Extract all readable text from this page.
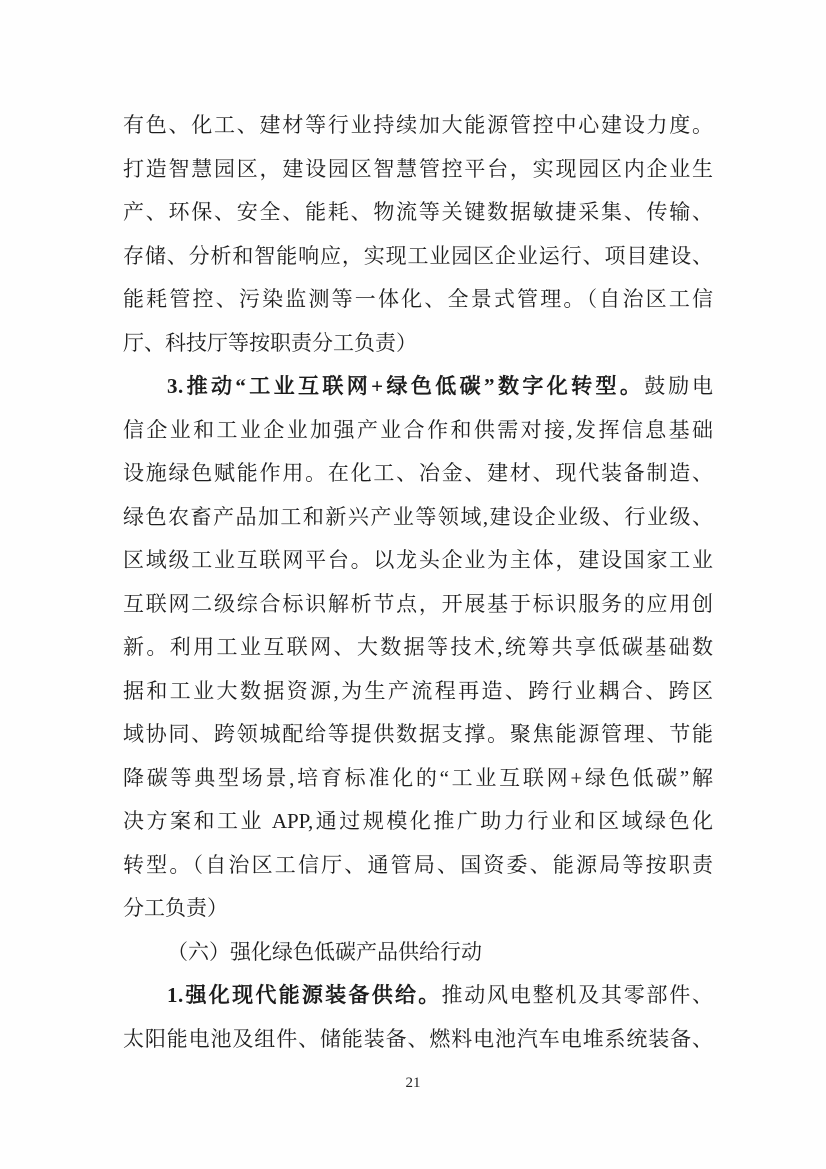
有色、化工、建材等行业持续加大能源管控中心建设力度。
打造智慧园区，建设园区智慧管控平台，实现园区内企业生
产、环保、安全、能耗、物流等关键数据敏捷采集、传输、
存储、分析和智能响应，实现工业园区企业运行、项目建设、
能耗管控、污染监测等一体化、全景式管理。（自治区工信
厅、科技厅等按职责分工负责）
3.推动“工业互联网+绿色低碳”数字化转型。鼓励电
信企业和工业企业加强产业合作和供需对接,发挥信息基础
设施绿色赋能作用。在化工、冶金、建材、现代装备制造、
绿色农畜产品加工和新兴产业等领域,建设企业级、行业级、
区域级工业互联网平台。以龙头企业为主体，建设国家工业
互联网二级综合标识解析节点，开展基于标识服务的应用创
新。利用工业互联网、大数据等技术,统筹共享低碳基础数
据和工业大数据资源,为生产流程再造、跨行业耦合、跨区
域协同、跨领城配给等提供数据支撑。聚焦能源管理、节能
降碳等典型场景,培育标准化的“工业互联网+绿色低碳”解
决方案和工业 APP,通过规模化推广助力行业和区域绿色化
转型。（自治区工信厅、通管局、国资委、能源局等按职责
分工负责）
（六）强化绿色低碳产品供给行动
1.强化现代能源装备供给。推动风电整机及其零部件、
太阳能电池及组件、储能装备、燃料电池汽车电堆系统装备、
21
